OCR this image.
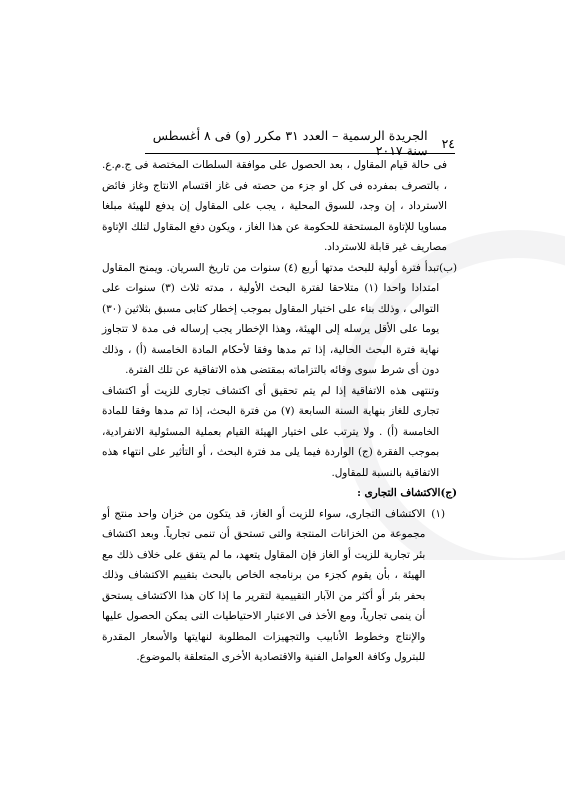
٢٤
الجريدة الرسمية – العدد ٣١ مكرر (و) فى ٨ أغسطس سنة ٢٠١٧

فى حالة قيام المقاول ، بعد الحصول على موافقة السلطات المختصة فى ج.م.ع. ، بالتصرف بمفرده فى كل او جزء من حصته فى غاز اقتسام الانتاج وغاز فائض الاسترداد ، إن وجد، للسوق المحلية ، يجب على المقاول إن يدفع للهيئة مبلغا مساويا للإتاوة المستحقة للحكومة عن هذا الغاز ، ويكون دفع المقاول لتلك الإتاوة مصاريف غير قابلة للاسترداد.

(ب)

تبدأ فترة أولية للبحث مدتها أربع (٤) سنوات من تاريخ السريان. ويمنح المقاول امتدادا واحدا (١) متلاحقا لفترة البحث الأولية ، مدته ثلاث (٣) سنوات على التوالى ، وذلك بناء على اختيار المقاول بموجب إخطار كتابى مسبق بثلاثين (٣٠) يوما على الأقل يرسله إلى الهيئة، وهذا الإخطار يجب إرساله فى مدة لا تتجاوز نهاية فترة البحث الحالية، إذا تم مدها وفقا لأحكام المادة الخامسة (أ) ، وذلك دون أى شرط سوى وفائه بالتزاماته بمقتضى هذه الاتفاقية عن تلك الفترة.

وتنتهى هذه الاتفاقية إذا لم يتم تحقيق أى اكتشاف تجارى للزيت أو اكتشاف تجارى للغاز بنهاية السنة السابعة (٧) من فترة البحث، إذا تم مدها وفقا للمادة الخامسة (أ) . ولا يترتب على اختيار الهيئة القيام بعملية المسئولية الانفرادية، بموجب الفقرة (ج) الواردة فيما يلى مد فترة البحث ، أو التأثير على انتهاء هذه الاتفاقية بالنسبة للمقاول.

(ج)
الاكتشاف التجارى :
(١)

الاكتشاف التجارى، سواء للزيت أو الغاز، قد يتكون من خزان واحد منتج أو مجموعة من الخزانات المنتجة والتى تستحق أن تنمى تجارياً. وبعد اكتشاف بئر تجارية للزيت أو الغاز فإن المقاول يتعهد، ما لم يتفق على خلاف ذلك مع الهيئة ، بأن يقوم كجزء من برنامجه الخاص بالبحث بتقييم الاكتشاف وذلك بحفر بئر أو أكثر من الآبار التقييمية لتقرير ما إذا كان هذا الاكتشاف يستحق أن ينمى تجارياً، ومع الأخذ فى الاعتبار الاحتياطيات التى يمكن الحصول عليها والإنتاج وخطوط الأنابيب والتجهيزات المطلوبة لنهايتها والأسعار المقدرة للبترول وكافة العوامل الفنية والاقتصادية الأخرى المتعلقة بالموضوع.
